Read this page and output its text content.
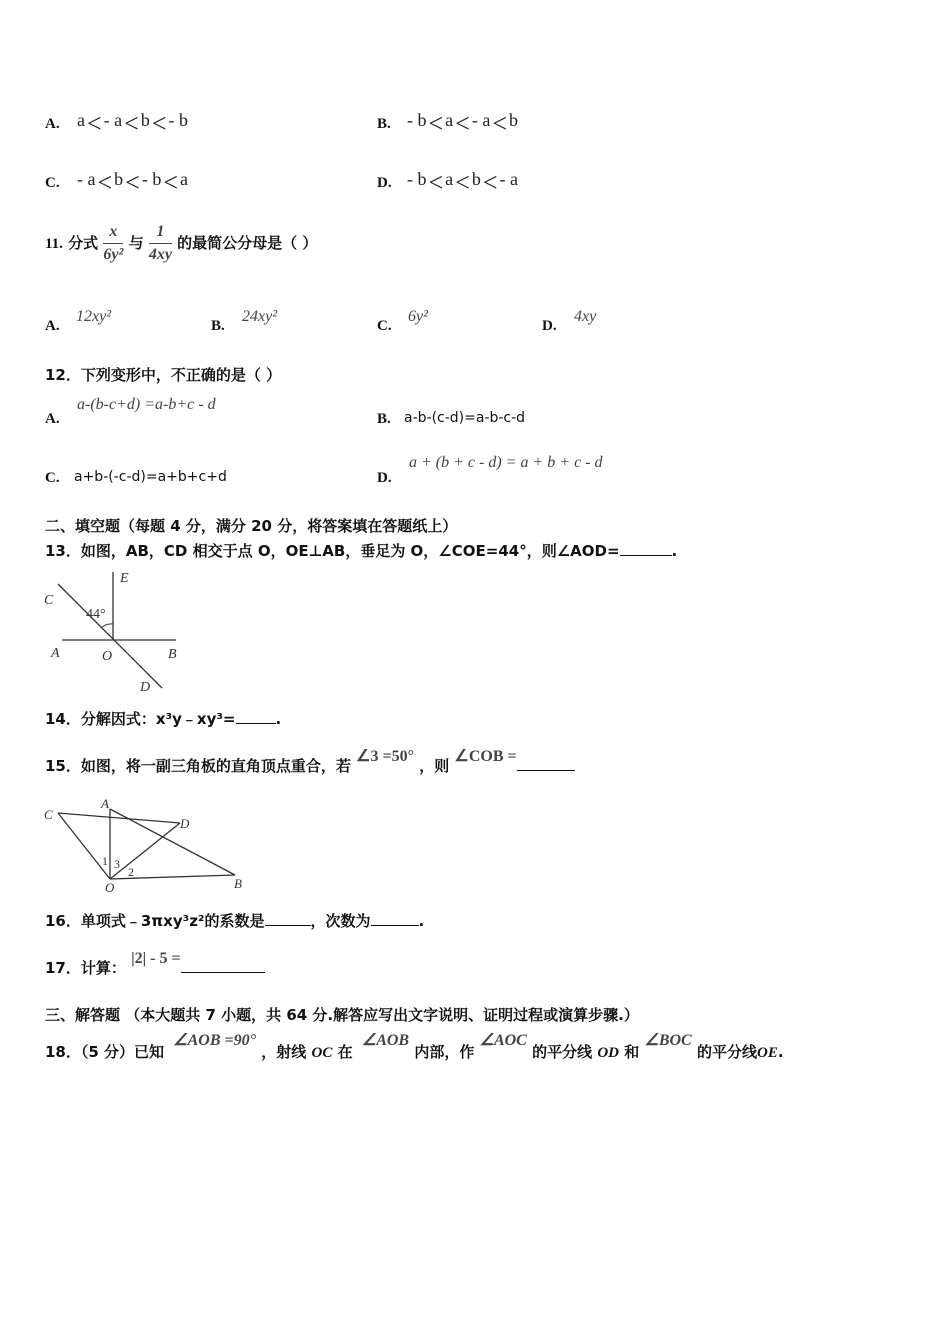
A. a< - a< b< - b	B. - b< a< - a< b
C. - a< b< - b< a	D. - b< a< b< - a
11. 分式 $\frac{x}{\text{6y²}}$ 与 $\frac{1}{4xy}$ 的最简公分母是（ ）
A.
12xy²
B.
24xy²
C.
6y²
D.
4xy
12．下列变形中，不正确的是（ ）
A.
a-(b-c+d) =a-b+c - d
B. a-b-(c-d)=a-b-c-d
C. a+b-(-c-d)=a+b+c+d	D.
a + (b + c - d) = a + b + c - d
二、填空题（每题 4 分，满分 20 分，将答案填在答题纸上）
13．如图，AB，CD 相交于点 O，OE⊥AB，垂足为 O，∠COE=44°，则∠AOD=	.
E
C
44°
A	O	B
D
14．分解因式：x³y﹣xy³=	.
15．如图，将一副三角板的直角顶点重合，若 ∠3 =50° ，则 ∠COB =
C
A
D
1 3
2
O	B
16．单项式﹣3πxy³z²的系数是	，次数为	.
17．计算： |2| - 5 =
三、解答题 （本大题共 7 小题，共 64 分.解答应写出文字说明、证明过程或演算步骤.）
18．（5 分）已知 ∠AOB =90° ，射线 OC 在 ∠AOB 内部，作 ∠AOC 的平分线 OD 和 ∠BOC 的平分线OE.
